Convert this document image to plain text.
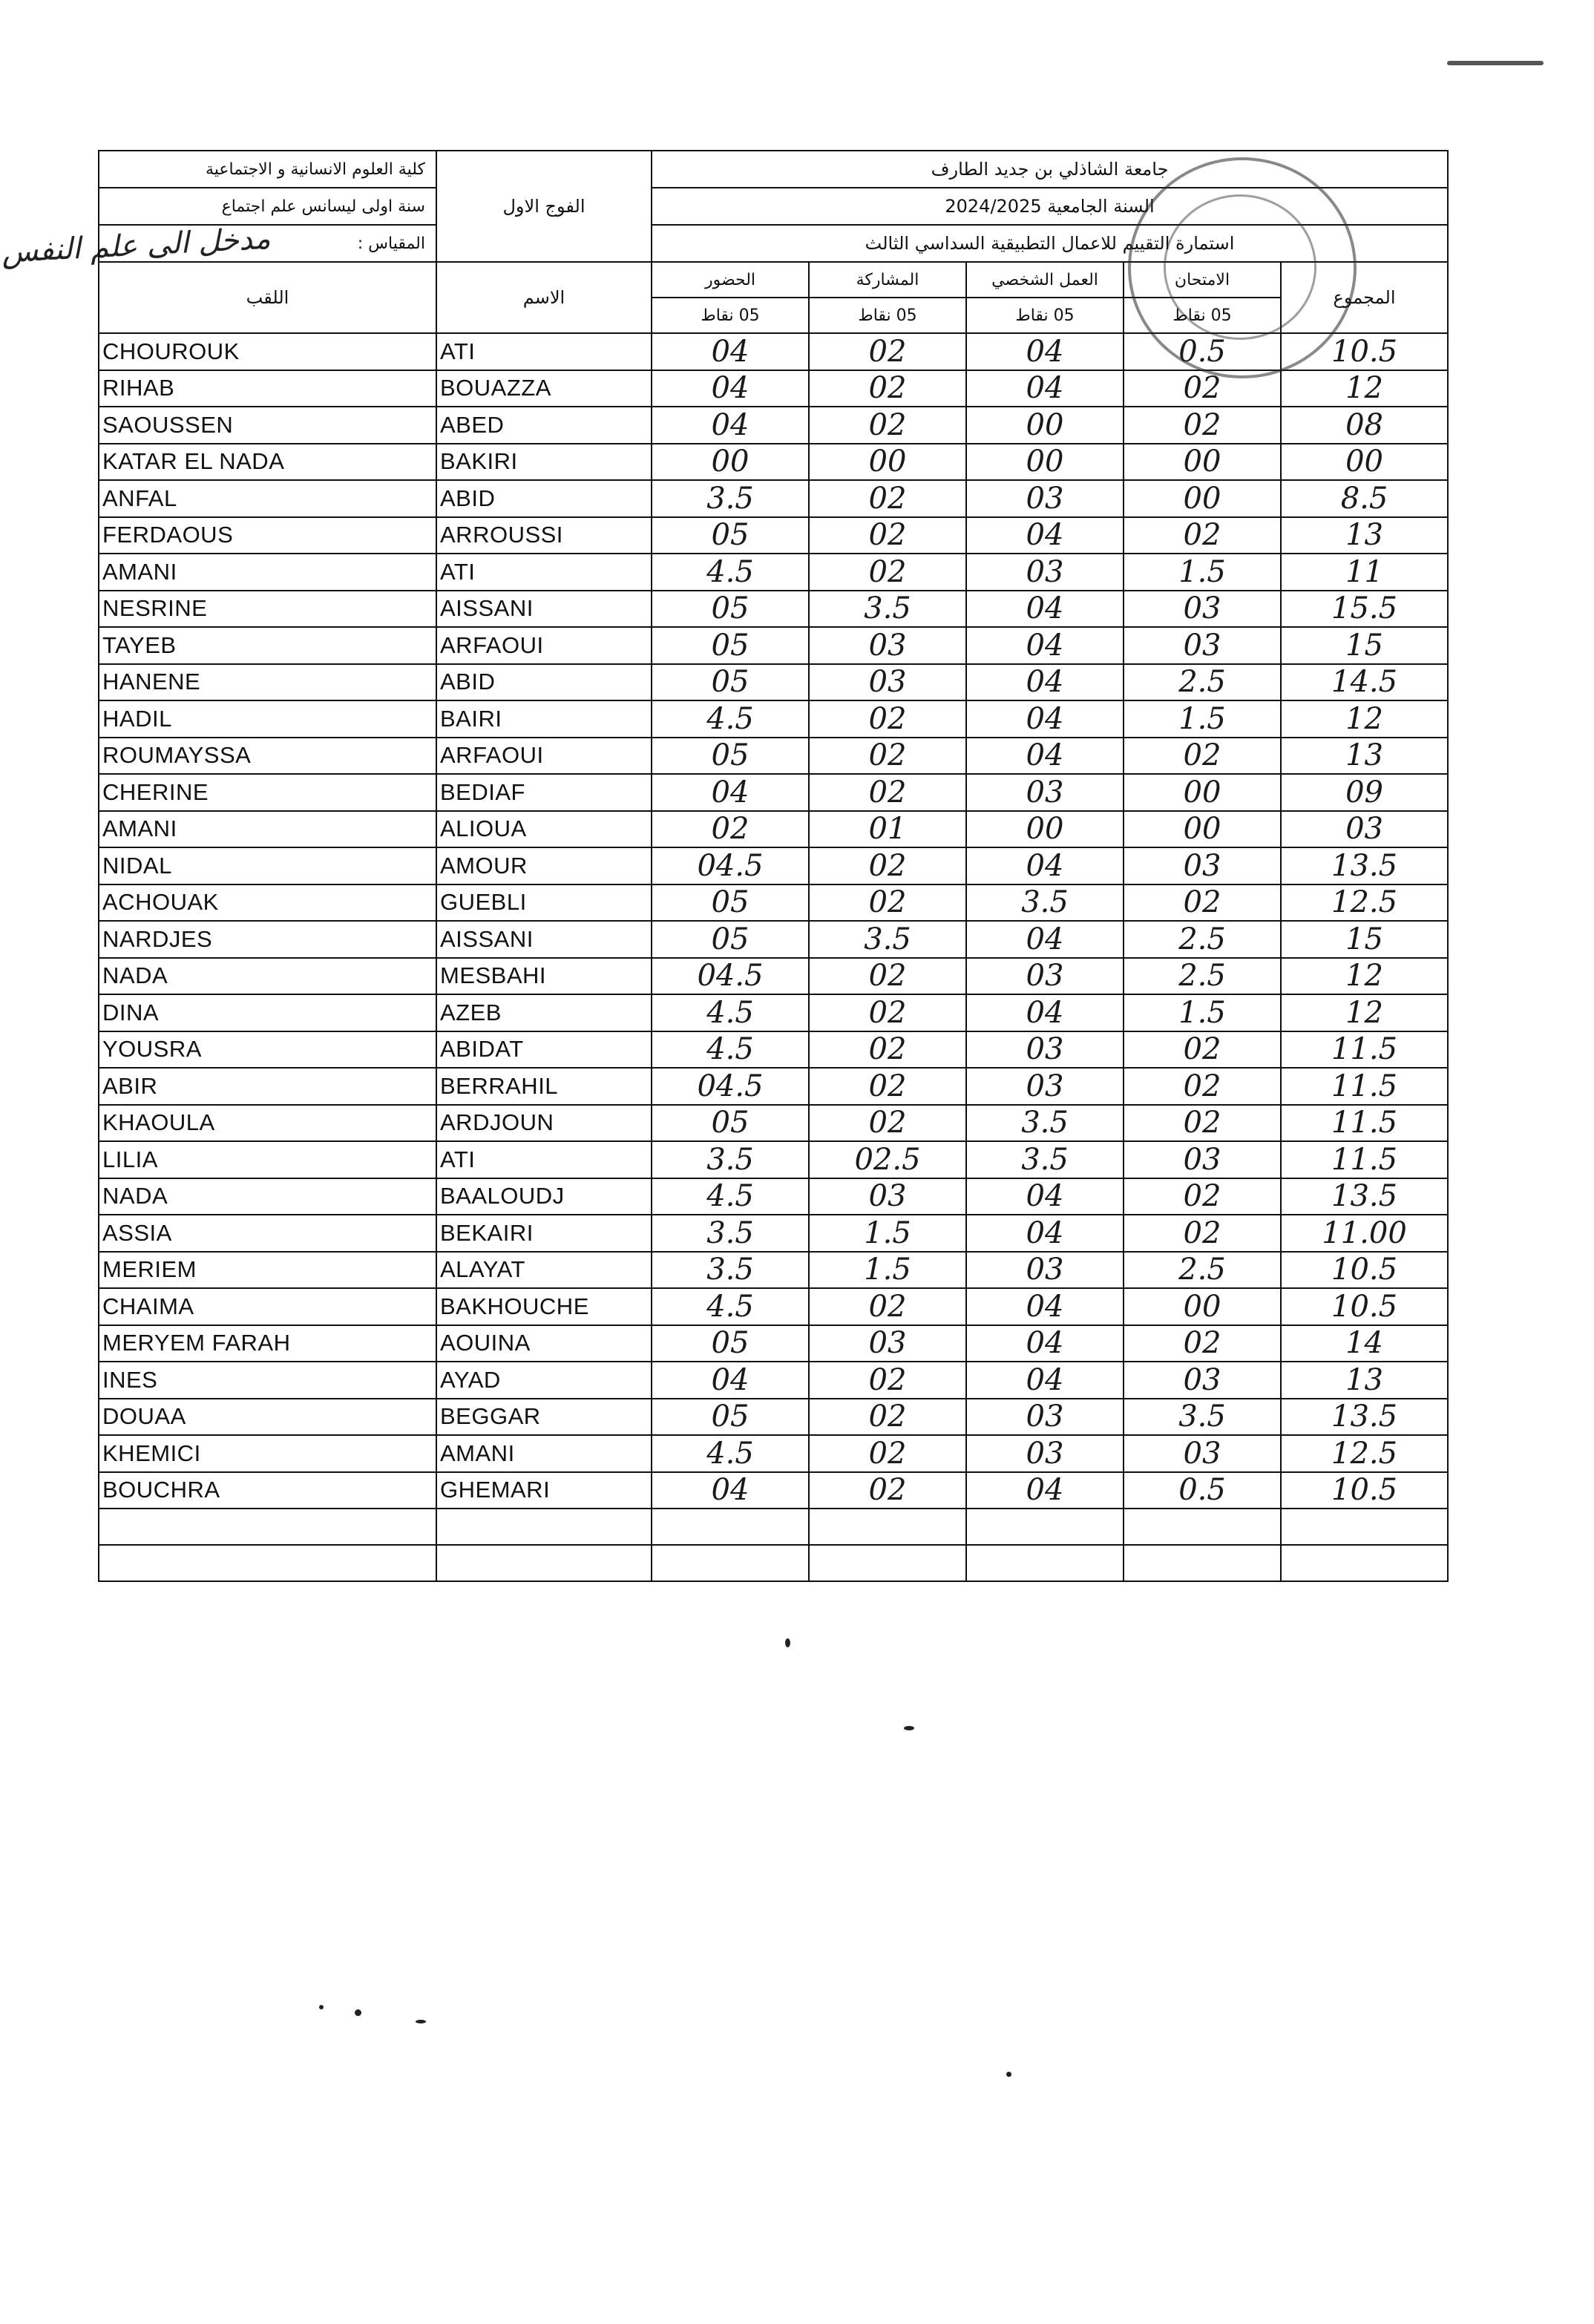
مدخل الى علم النفس
كلية العلوم الانسانية و الاجتماعية	الفوج الاول	جامعة الشاذلي بن جديد الطارف				
سنة اولى ليسانس علم اجتماع		السنة الجامعية 2024/2025				
المقياس :		استمارة التقييم للاعمال التطبيقية السداسي الثالث				
اللقب	الاسم	الحضور	المشاركة	العمل الشخصي	الامتحان	المجموع
		05 نقاط	05 نقاط	05 نقاط	05 نقاط	
CHOUROUK	ATI	04	02	04	0.5	10.5
RIHAB	BOUAZZA	04	02	04	02	12
SAOUSSEN	ABED	04	02	00	02	08
KATAR EL NADA	BAKIRI	00	00	00	00	00
ANFAL	ABID	3.5	02	03	00	8.5
FERDAOUS	ARROUSSI	05	02	04	02	13
AMANI	ATI	4.5	02	03	1.5	11
NESRINE	AISSANI	05	3.5	04	03	15.5
TAYEB	ARFAOUI	05	03	04	03	15
HANENE	ABID	05	03	04	2.5	14.5
HADIL	BAIRI	4.5	02	04	1.5	12
ROUMAYSSA	ARFAOUI	05	02	04	02	13
CHERINE	BEDIAF	04	02	03	00	09
AMANI	ALIOUA	02	01	00	00	03
NIDAL	AMOUR	04.5	02	04	03	13.5
ACHOUAK	GUEBLI	05	02	3.5	02	12.5
NARDJES	AISSANI	05	3.5	04	2.5	15
NADA	MESBAHI	04.5	02	03	2.5	12
DINA	AZEB	4.5	02	04	1.5	12
YOUSRA	ABIDAT	4.5	02	03	02	11.5
ABIR	BERRAHIL	04.5	02	03	02	11.5
KHAOULA	ARDJOUN	05	02	3.5	02	11.5
LILIA	ATI	3.5	02.5	3.5	03	11.5
NADA	BAALOUDJ	4.5	03	04	02	13.5
ASSIA	BEKAIRI	3.5	1.5	04	02	11.00
MERIEM	ALAYAT	3.5	1.5	03	2.5	10.5
CHAIMA	BAKHOUCHE	4.5	02	04	00	10.5
MERYEM FARAH	AOUINA	05	03	04	02	14
INES	AYAD	04	02	04	03	13
DOUAA	BEGGAR	05	02	03	3.5	13.5
KHEMICI	AMANI	4.5	02	03	03	12.5
BOUCHRA	GHEMARI	04	02	04	0.5	10.5
